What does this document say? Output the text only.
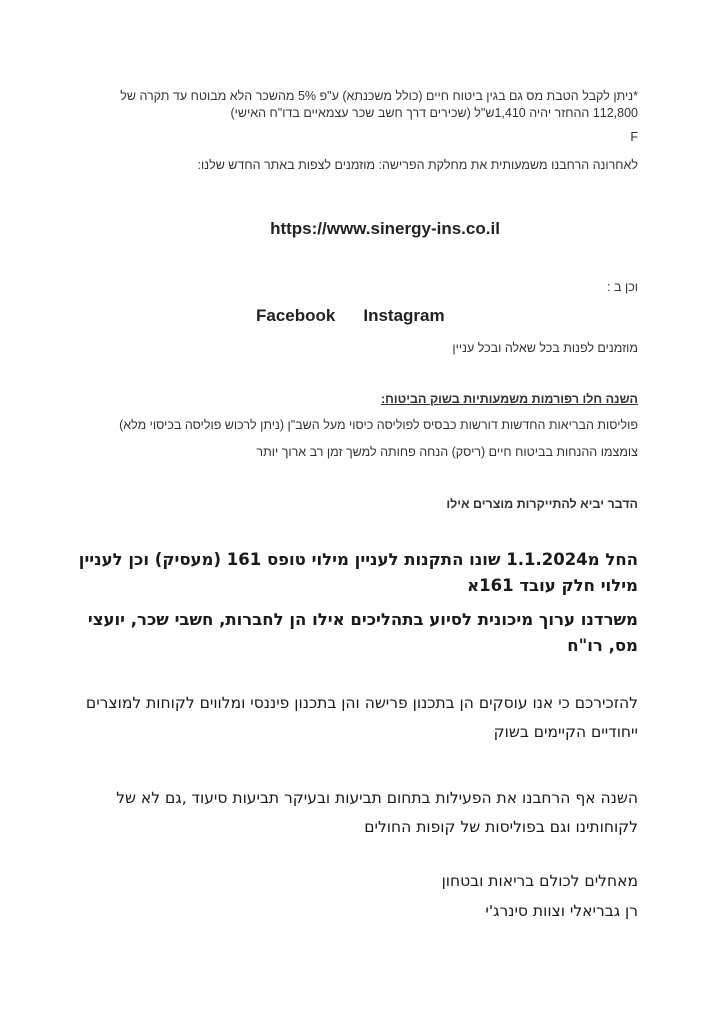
*ניתן לקבל הטבת מס גם בגין ביטוח חיים (כולל משכנתא) ע"פ 5% מהשכר הלא מבוטח עד תקרה של 112,800 ההחזר יהיה 1,410ש"ל (שכירים דרך חשב שכר עצמאיים בדו"ח האישי)
F
לאחרונה הרחבנו משמעותית את מחלקת הפרישה: מוזמנים לצפות באתר החדש שלנו:
https://www.sinergy-ins.co.il
וכן ב :
Facebook Instagram
מוזמנים לפנות בכל שאלה ובכל עניין
השנה חלו רפורמות משמעותיות בשוק הביטוח:
פוליסות הבריאות החדשות דורשות כבסיס לפוליסה כיסוי מעל השב"ן (ניתן לרכוש פוליסה בכיסוי מלא)
צומצמו ההנחות בביטוח חיים (ריסק) הנחה פחותה למשך זמן רב ארוך יותר
הדבר יביא להתייקרות מוצרים אילו
החל מ1.1.2024 שונו התקנות לעניין מילוי טופס 161 (מעסיק) וכן לעניין מילוי חלק עובד 161א
משרדנו ערוך מיכונית לסיוע בתהליכים אילו הן לחברות, חשבי שכר, יועצי מס, רו"ח
להזכירכם כי אנו עוסקים הן בתכנון פרישה והן בתכנון פיננסי ומלווים לקוחות למוצרים ייחודיים הקיימים בשוק
השנה אף הרחבנו את הפעילות בתחום תביעות ובעיקר תביעות סיעוד ,גם לא של לקוחותינו וגם בפוליסות של קופות החולים
מאחלים לכולם בריאות ובטחון
רן גבריאלי וצוות סינרג'י
